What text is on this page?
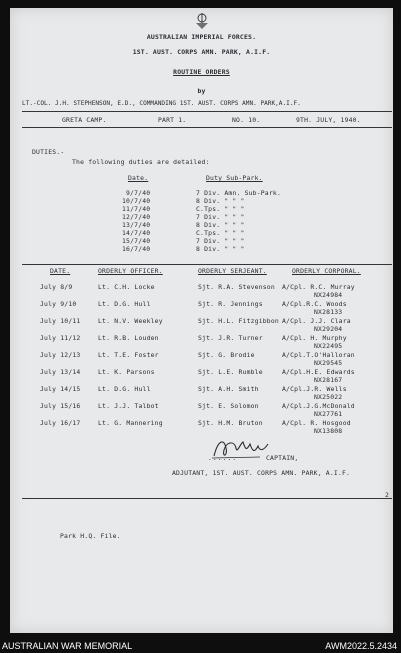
AUSTRALIAN IMPERIAL FORCES.
1ST. AUST. CORPS AMN. PARK, A.I.F.
ROUTINE ORDERS
by
LT.-COL. J.H. STEPHENSON, E.D., COMMANDING 1ST. AUST. CORPS AMN. PARK,A.I.F.
GRETA CAMP.	PART 1.	NO. 10.	9TH. JULY, 1940.
DUTIES.-
The following duties are detailed:
Date.	Duty Sub-Park.
9/7/40	7 Div. Amn. Sub-Park.
10/7/40	8 Div. " " "
11/7/40	C.Tps. " " "
12/7/40	7 Div. " " "
13/7/40	8 Div. " " "
14/7/40	C.Tps. " " "
15/7/40	7 Div. " " "
16/7/40	8 Div. " " "
DATE.	ORDERLY OFFICER.	ORDERLY SERJEANT.	ORDERLY CORPORAL.
July 8/9	Lt. C.H. Locke	Sjt. R.A. Stevenson A/Cpl. R.C. Murray
NX24984
July 9/10	Lt. D.G. Hull	Sjt. R. Jennings	A/Cpl.R.C. Woods
NX28133
July 10/11	Lt. N.V. Weekley	Sjt. H.L. Fitzgibbon A/Cpl. J.J. Clara
NX29204
July 11/12	Lt. R.B. Louden	Sjt. J.R. Turner	A/Cpl. H. Murphy
NX22495
July 12/13	Lt. T.E. Foster	Sjt. G. Brodie	A/Cpl.T.O'Halloran
NX29545
July 13/14	Lt. K. Parsons	Sjt. L.E. Rumble	A/Cpl.H.E. Edwards
NX28167
July 14/15	Lt. D.G. Hull	Sjt. A.H. Smith	A/Cpl.J.R. Wells
NX25022
July 15/16	Lt. J.J. Talbot	Sjt. E. Solomon	A/Cpl.J.G.McDonald
NX27761
July 16/17	Lt. G. Mannering	Sjt. H.M. Bruton	A/Cpl. R. Hosgood
NX13808
......	CAPTAIN,
ADJUTANT, 1ST. AUST. CORPS AMN. PARK, A.I.F.
2
Park H.Q. File.
AUSTRALIAN WAR MEMORIAL	AWM2022.5.2434
